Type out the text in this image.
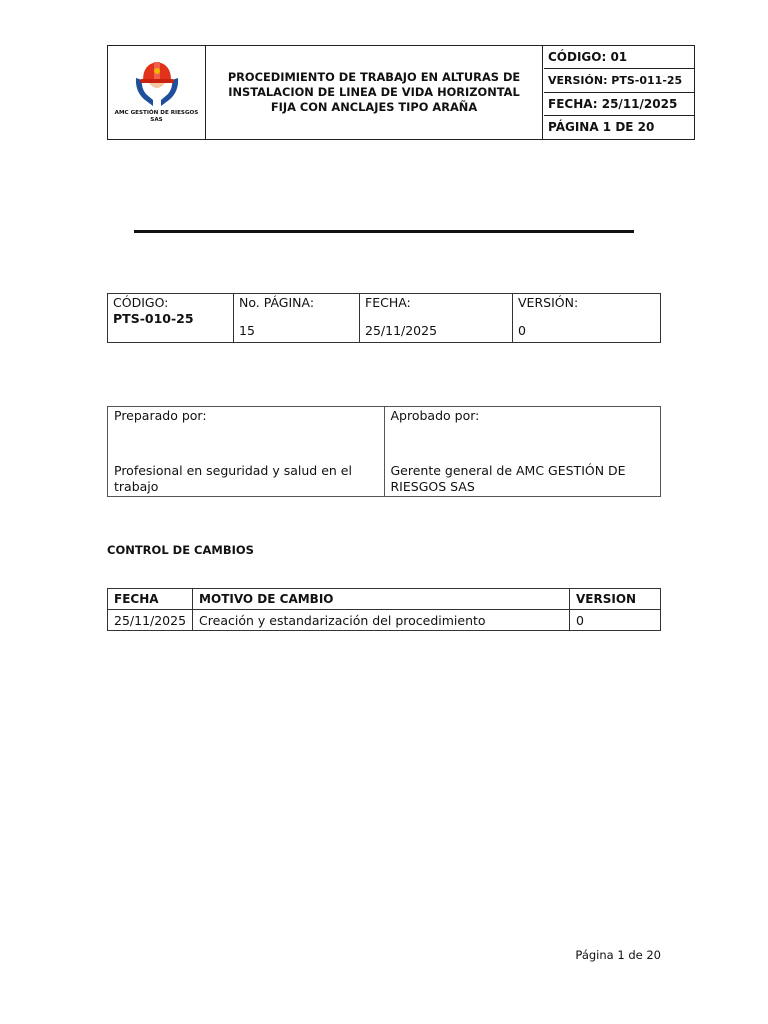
AMC GESTIÓN DE RIESGOS SAS
PROCEDIMIENTO DE TRABAJO EN ALTURAS DE INSTALACION DE LINEA DE VIDA HORIZONTAL FIJA CON ANCLAJES TIPO ARAÑA
CÓDIGO: 01
VERSIÓN: PTS-011-25
FECHA: 25/11/2025
PÁGINA 1 DE 20
CÓDIGO:
PTS-010-25

No. PÁGINA:
15

FECHA:
25/11/2025

VERSIÓN:
0
Preparado por:
Profesional en seguridad y salud en el trabajo

Aprobado por:
Gerente general de AMC GESTIÓN DE RIESGOS SAS
CONTROL DE CAMBIOS
FECHA	MOTIVO DE CAMBIO	VERSION
25/11/2025	Creación y estandarización del procedimiento	0
Página 1 de 20
